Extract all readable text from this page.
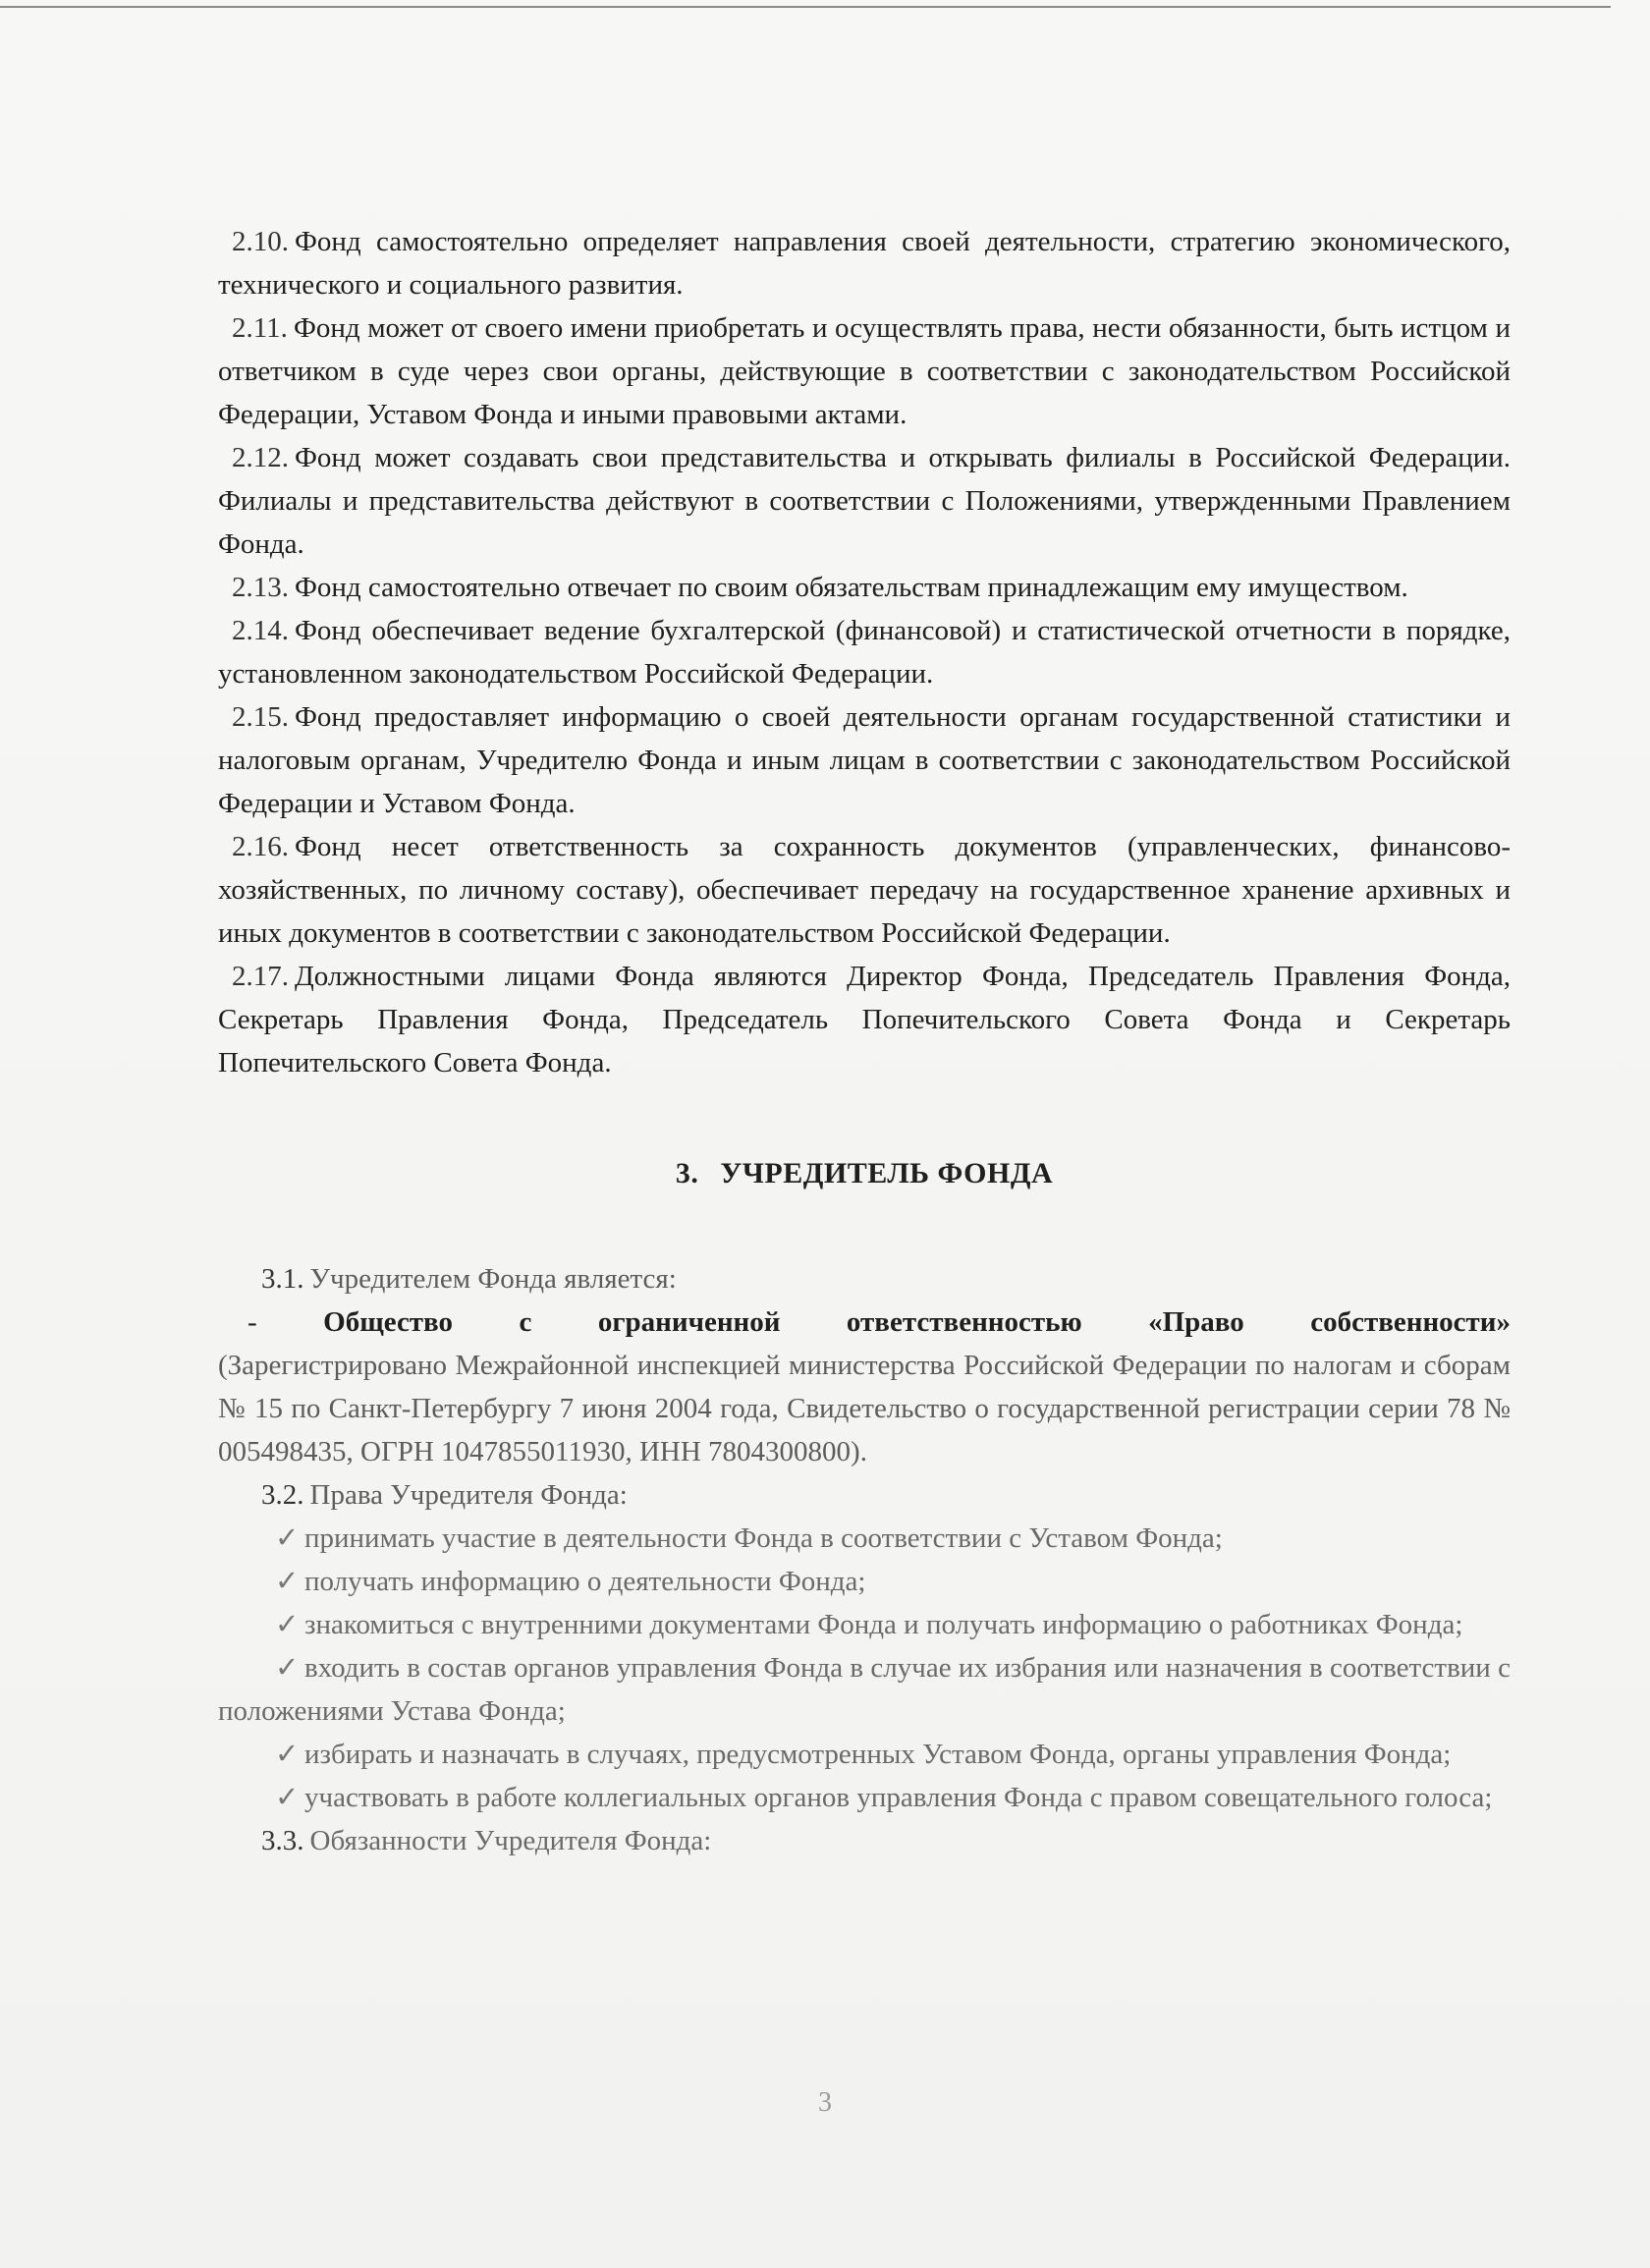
2.10. Фонд самостоятельно определяет направления своей деятельности, стратегию экономического, технического и социального развития.

2.11. Фонд может от своего имени приобретать и осуществлять права, нести обязанности, быть истцом и ответчиком в суде через свои органы, действующие в соответствии с законодательством Российской Федерации, Уставом Фонда и иными правовыми актами.

2.12. Фонд может создавать свои представительства и открывать филиалы в Российской Федерации. Филиалы и представительства действуют в соответствии с Положениями, утвержденными Правлением Фонда.

2.13. Фонд самостоятельно отвечает по своим обязательствам принадлежащим ему имуществом.

2.14. Фонд обеспечивает ведение бухгалтерской (финансовой) и статистической отчетности в порядке, установленном законодательством Российской Федерации.

2.15. Фонд предоставляет информацию о своей деятельности органам государственной статистики и налоговым органам, Учредителю Фонда и иным лицам в соответствии с законодательством Российской Федерации и Уставом Фонда.

2.16. Фонд несет ответственность за сохранность документов (управленческих, финансово-хозяйственных, по личному составу), обеспечивает передачу на государственное хранение архивных и иных документов в соответствии с законодательством Российской Федерации.

2.17. Должностными лицами Фонда являются Директор Фонда, Председатель Правления Фонда, Секретарь Правления Фонда, Председатель Попечительского Совета Фонда и Секретарь Попечительского Совета Фонда.

3. УЧРЕДИТЕЛЬ ФОНДА

3.1. Учредителем Фонда является:

- Общество с ограниченной ответственностью «Право собственности»

(Зарегистрировано Межрайонной инспекцией министерства Российской Федерации по налогам и сборам № 15 по Санкт-Петербургу 7 июня 2004 года, Свидетельство о государственной регистрации серии 78 № 005498435, ОГРН 1047855011930, ИНН 7804300800).

3.2. Права Учредителя Фонда:

✓ принимать участие в деятельности Фонда в соответствии с Уставом Фонда;

✓ получать информацию о деятельности Фонда;

✓ знакомиться с внутренними документами Фонда и получать информацию о работниках Фонда;

✓ входить в состав органов управления Фонда в случае их избрания или назначения в соответствии с положениями Устава Фонда;

✓ избирать и назначать в случаях, предусмотренных Уставом Фонда, органы управления Фонда;

✓ участвовать в работе коллегиальных органов управления Фонда с правом совещательного голоса;

3.3. Обязанности Учредителя Фонда:

3
